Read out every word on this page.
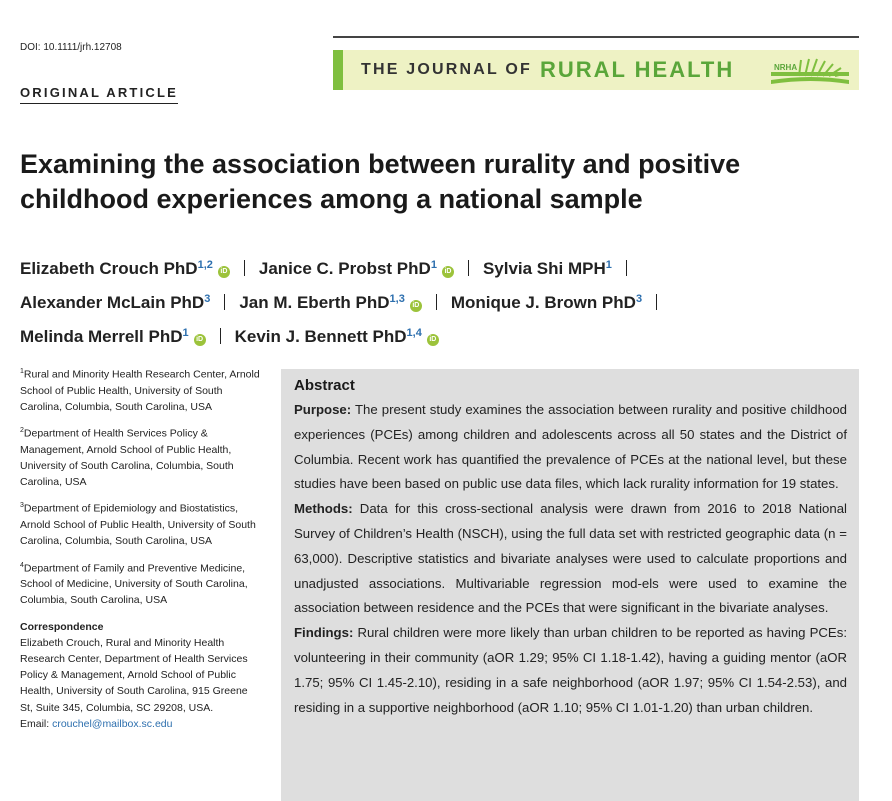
DOI: 10.1111/jrh.12708
ORIGINAL ARTICLE
THE JOURNAL OF RURAL HEALTH	NRHA
Examining the association between rurality and positive childhood experiences among a national sample
Elizabeth Crouch PhD$^{1,2}$iD Janice C. Probst PhD$^1$iD Sylvia Shi MPH$^1$
Alexander McLain PhD$^3$ Jan M. Eberth PhD$^{1,3}$iD Monique J. Brown PhD$^3$
Melinda Merrell PhD$^1$iD Kevin J. Bennett PhD$^{1,4}$iD
$^1$Rural and Minority Health Research Center, Arnold School of Public Health, University of South Carolina, Columbia, South Carolina, USA
$^2$Department of Health Services Policy & Management, Arnold School of Public Health, University of South Carolina, Columbia, South Carolina, USA
$^3$Department of Epidemiology and Biostatistics, Arnold School of Public Health, University of South Carolina, Columbia, South Carolina, USA
$^4$Department of Family and Preventive Medicine, School of Medicine, University of South Carolina, Columbia, South Carolina, USA
Correspondence
Elizabeth Crouch, Rural and Minority Health Research Center, Department of Health Services Policy & Management, Arnold School of Public Health, University of South Carolina, 915 Greene St, Suite 345, Columbia, SC 29208, USA.
Email: crouchel@mailbox.sc.edu
Abstract

Purpose: The present study examines the association between rurality and positive childhood experiences (PCEs) among children and adolescents across all 50 states and the District of Columbia. Recent work has quantified the prevalence of PCEs at the national level, but these studies have been based on public use data files, which lack rurality information for 19 states.

Methods: Data for this cross-sectional analysis were drawn from 2016 to 2018 National Survey of Children’s Health (NSCH), using the full data set with restricted geographic data (n = 63,000). Descriptive statistics and bivariate analyses were used to calculate proportions and unadjusted associations. Multivariable regression mod-els were used to examine the association between residence and the PCEs that were significant in the bivariate analyses.

Findings: Rural children were more likely than urban children to be reported as having PCEs: volunteering in their community (aOR 1.29; 95% CI 1.18-1.42), having a guiding mentor (aOR 1.75; 95% CI 1.45-2.10), residing in a safe neighborhood (aOR 1.97; 95% CI 1.54-2.53), and residing in a supportive neighborhood (aOR 1.10; 95% CI 1.01-1.20) than urban children.
